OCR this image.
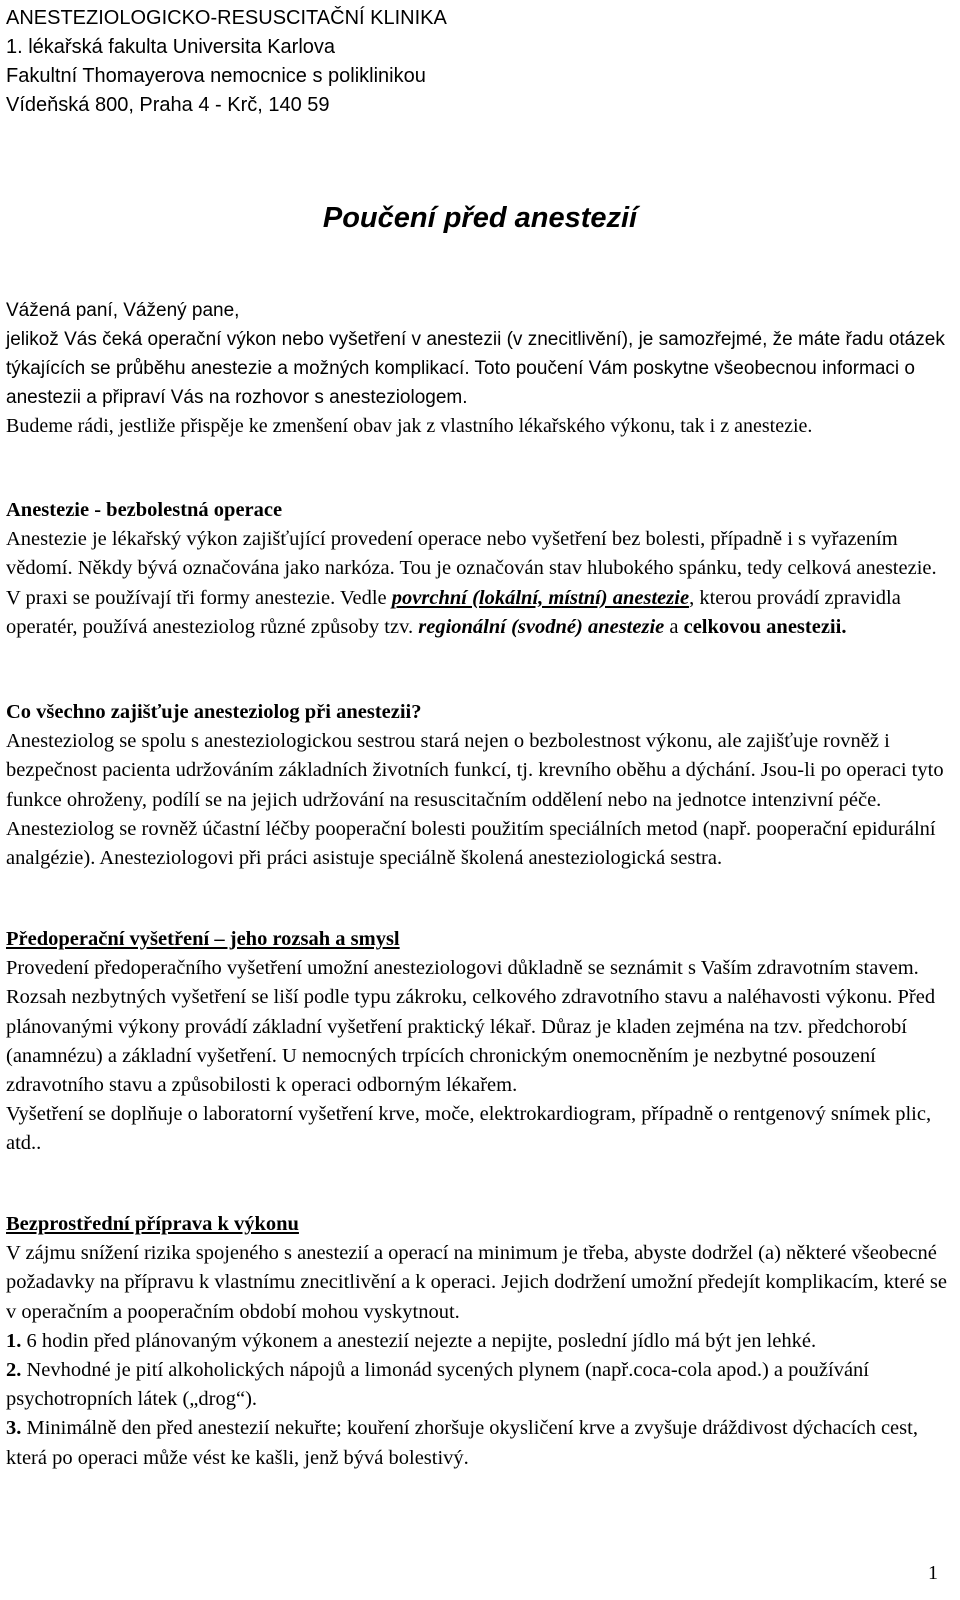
ANESTEZIOLOGICKO-RESUSCITAČNÍ KLINIKA
1. lékařská fakulta Universita Karlova
Fakultní Thomayerova nemocnice s poliklinikou
Vídeňská 800, Praha 4 - Krč, 140 59
Poučení před anestezií
Vážená paní, Vážený pane,
jelikož Vás čeká operační výkon nebo vyšetření v anestezii (v znecitlivění), je samozřejmé, že máte řadu otázek týkajících se průběhu anestezie a možných komplikací. Toto poučení Vám poskytne všeobecnou informaci o anestezii a připraví Vás na rozhovor s anesteziologem.
Budeme rádi, jestliže přispěje ke zmenšení obav jak z vlastního lékařského výkonu, tak i z anestezie.
Anestezie - bezbolestná operace
Anestezie je lékařský výkon zajišťující provedení operace nebo vyšetření bez bolesti, případně i s vyřazením vědomí. Někdy bývá označována jako narkóza. Tou je označován stav hlubokého spánku, tedy celková anestezie. V praxi se používají tři formy anestezie. Vedle povrchní (lokální, místní) anestezie, kterou provádí zpravidla operatér, používá anesteziolog různé způsoby tzv. regionální (svodné) anestezie a celkovou anestezii.
Co všechno zajišťuje anesteziolog při anestezii?
Anesteziolog se spolu s anesteziologickou sestrou stará nejen o bezbolestnost výkonu, ale zajišťuje rovněž i bezpečnost pacienta udržováním základních životních funkcí, tj. krevního oběhu a dýchání. Jsou-li po operaci tyto funkce ohroženy, podílí se na jejich udržování na resuscitačním oddělení nebo na jednotce intenzivní péče. Anesteziolog se rovněž účastní léčby pooperační bolesti použitím speciálních metod (např. pooperační epidurální analgézie). Anesteziologovi při práci asistuje speciálně školená anesteziologická sestra.
Předoperační vyšetření – jeho rozsah a smysl
Provedení předoperačního vyšetření umožní anesteziologovi důkladně se seznámit s Vaším zdravotním stavem. Rozsah nezbytných vyšetření se liší podle typu zákroku, celkového zdravotního stavu a naléhavosti výkonu. Před plánovanými výkony provádí základní vyšetření praktický lékař. Důraz je kladen zejména na tzv. předchorobí (anamnézu) a základní vyšetření. U nemocných trpících chronickým onemocněním je nezbytné posouzení zdravotního stavu a způsobilosti k operaci odborným lékařem.
Vyšetření se doplňuje o laboratorní vyšetření krve, moče, elektrokardiogram, případně o rentgenový snímek plic, atd..
Bezprostřední příprava k výkonu
V zájmu snížení rizika spojeného s anestezií a operací na minimum je třeba, abyste dodržel (a) některé všeobecné požadavky na přípravu k vlastnímu znecitlivění a k operaci. Jejich dodržení umožní předejít komplikacím, které se v operačním a pooperačním období mohou vyskytnout.
1. 6 hodin před plánovaným výkonem a anestezií nejezte a nepijte, poslední jídlo má být jen lehké.
2. Nevhodné je pití alkoholických nápojů a limonád sycených plynem (např.coca-cola apod.) a používání psychotropních látek („drog“).
3. Minimálně den před anestezií nekuřte; kouření zhoršuje okysličení krve a zvyšuje dráždivost dýchacích cest, která po operaci může vést ke kašli, jenž bývá bolestivý.
1
